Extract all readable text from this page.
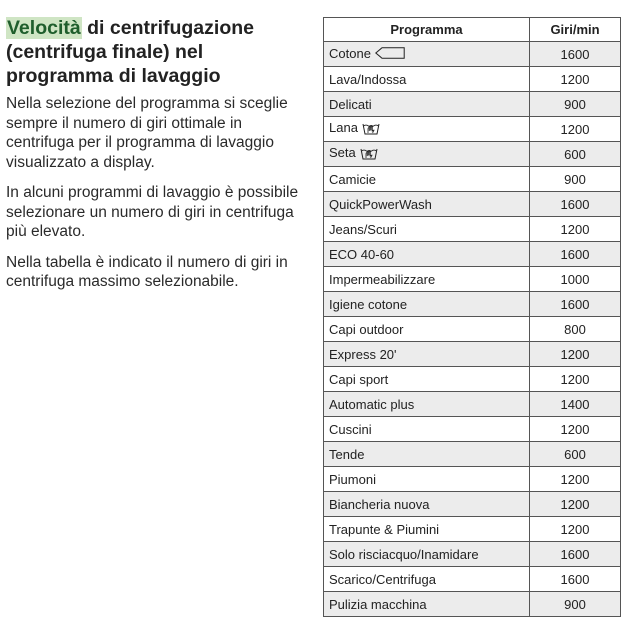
Velocità di centrifugazione (centrifuga finale) nel programma di lavaggio

Nella selezione del programma si sceglie sempre il numero di giri ottimale in centrifuga per il programma di lavaggio visualizzato a display.

In alcuni programmi di lavaggio è possibile selezionare un numero di giri in centrifuga più elevato.

Nella tabella è indicato il numero di giri in centrifuga massimo selezionabile.

Programma	Giri/min
Cotone	1600
Lava/Indossa	1200
Delicati	900
Lana	1200
Seta	600
Camicie	900
QuickPowerWash	1600
Jeans/Scuri	1200
ECO 40-60	1600
Impermeabilizzare	1000
Igiene cotone	1600
Capi outdoor	800
Express 20'	1200
Capi sport	1200
Automatic plus	1400
Cuscini	1200
Tende	600
Piumoni	1200
Biancheria nuova	1200
Trapunte & Piumini	1200
Solo risciacquo/Inamidare	1600
Scarico/Centrifuga	1600
Pulizia macchina	900
